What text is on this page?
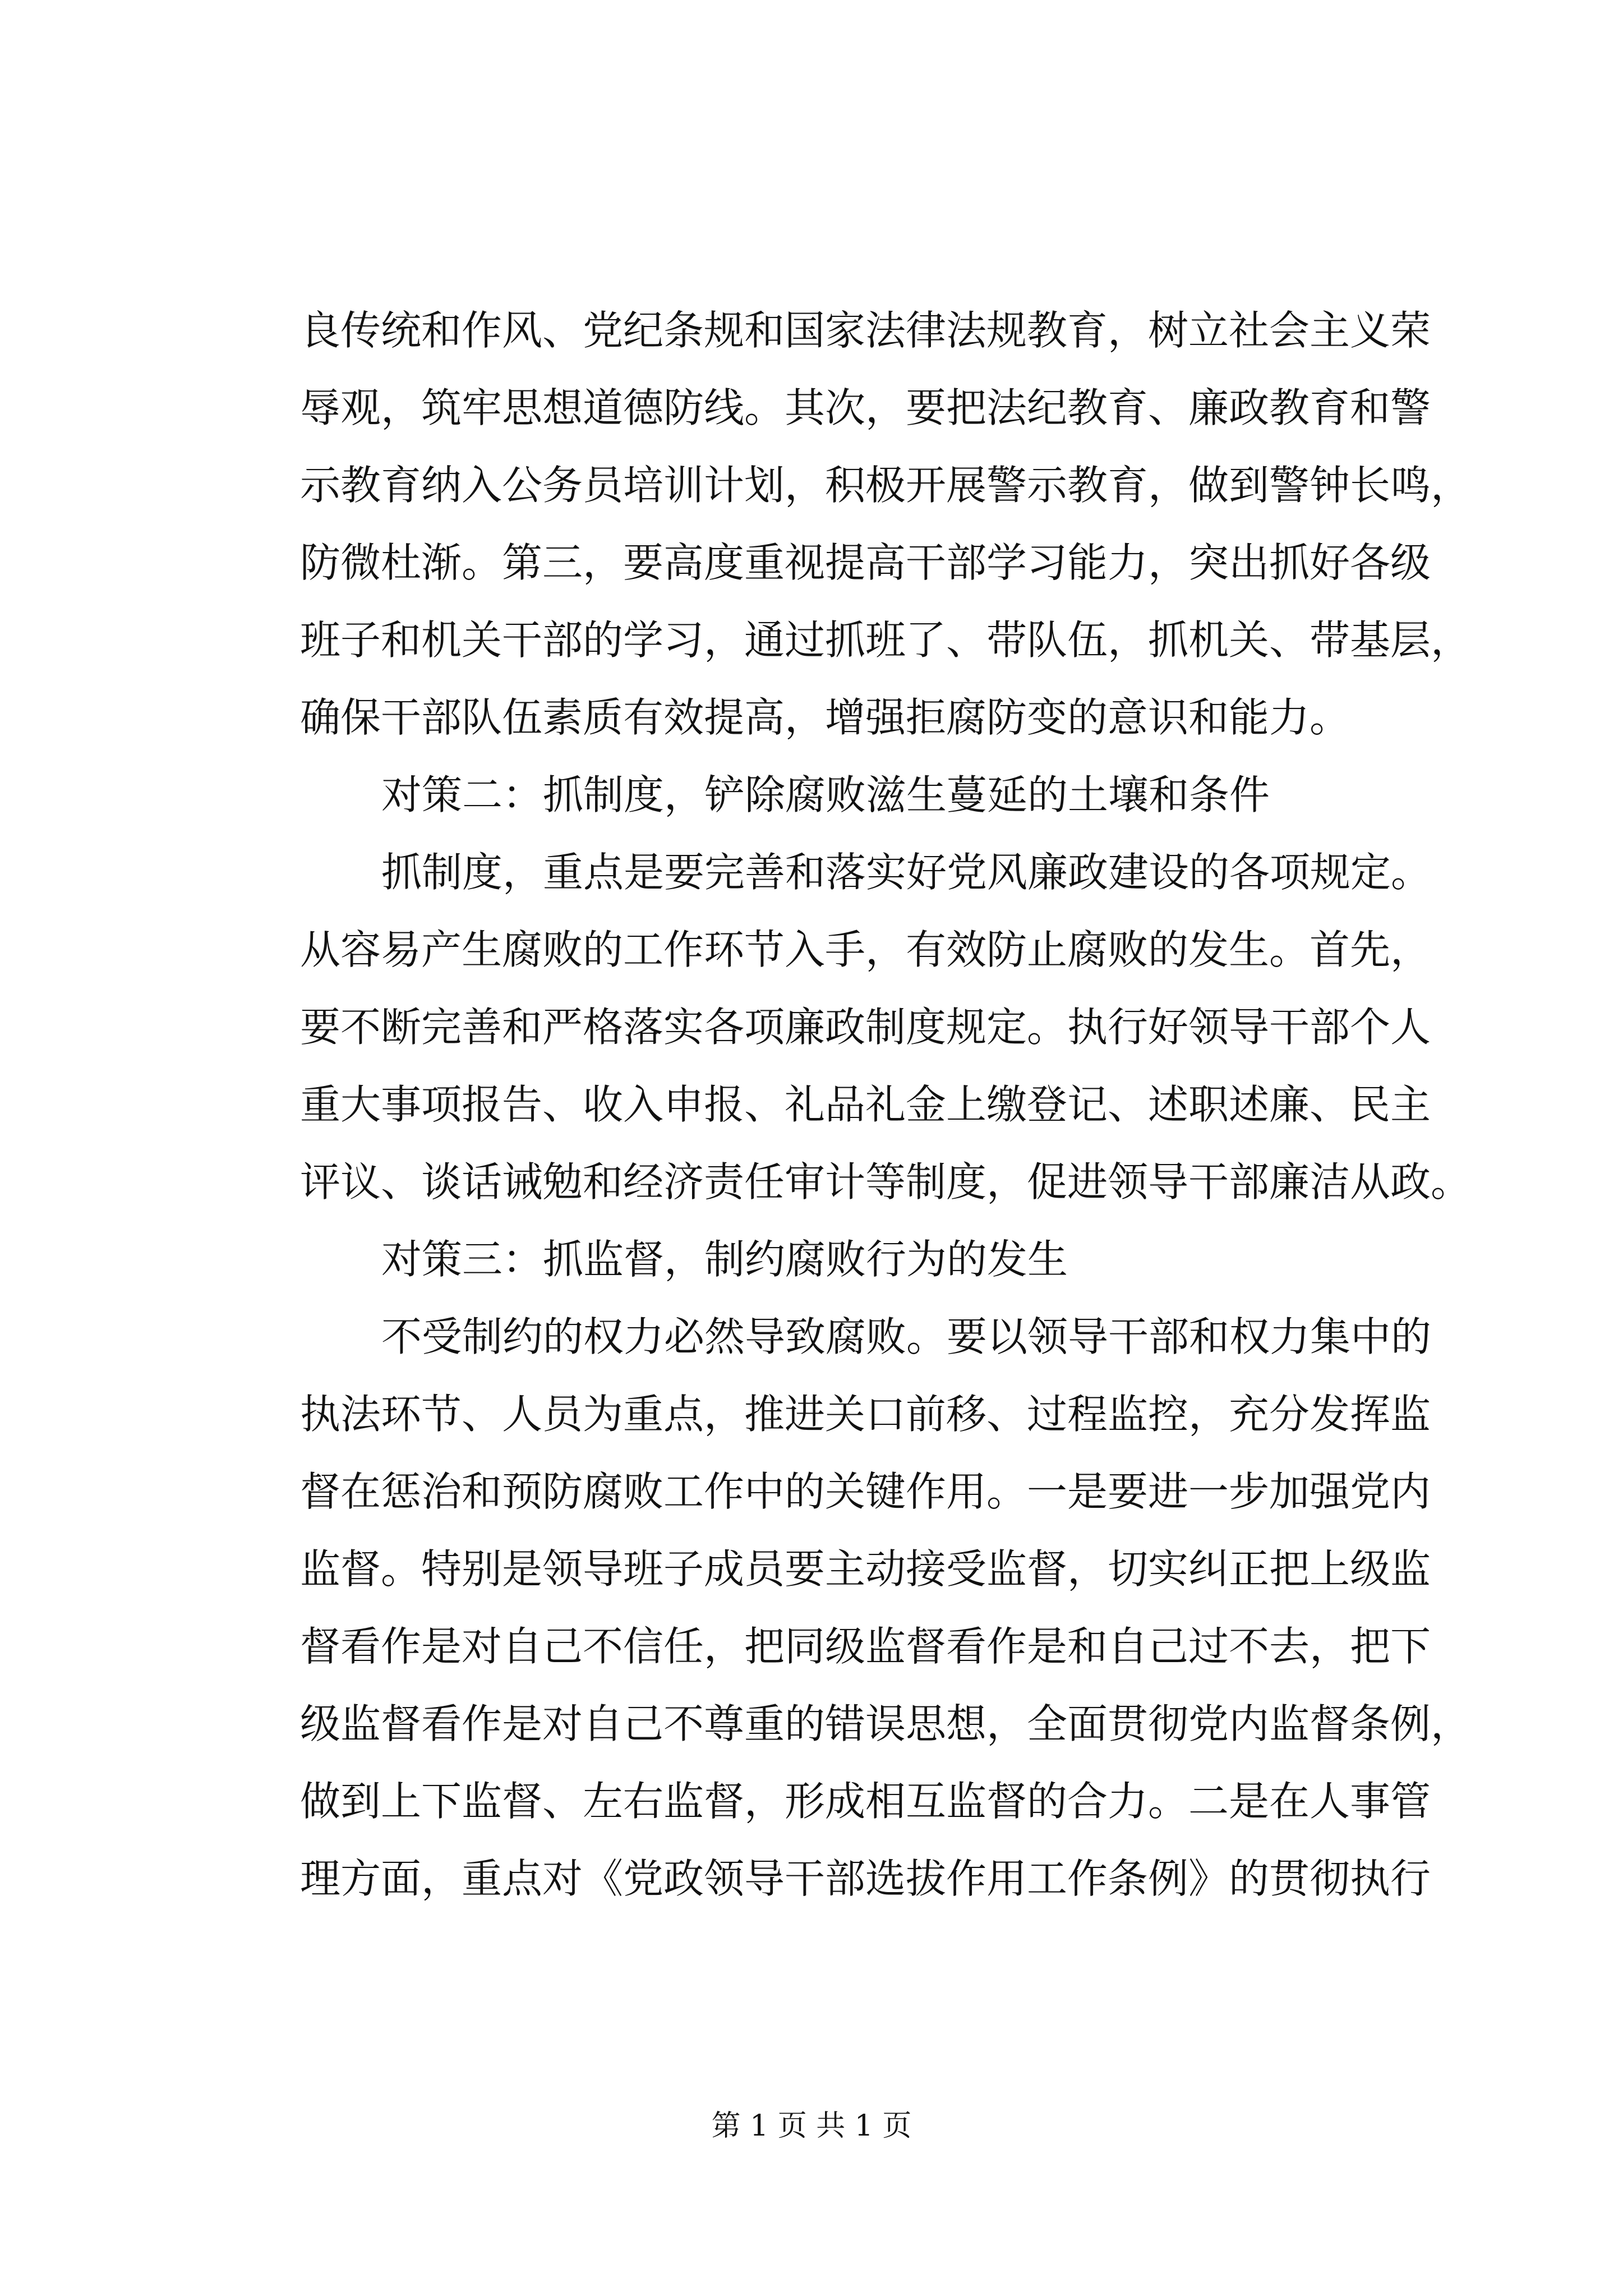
良传统和作风、党纪条规和国家法律法规教育，树立社会主义荣
辱观，筑牢思想道德防线。其次，要把法纪教育、廉政教育和警
示教育纳入公务员培训计划，积极开展警示教育，做到警钟长鸣，
防微杜渐。第三，要高度重视提高干部学习能力，突出抓好各级
班子和机关干部的学习，通过抓班了、带队伍，抓机关、带基层，
确保干部队伍素质有效提高，增强拒腐防变的意识和能力。
对策二：抓制度，铲除腐败滋生蔓延的土壤和条件
抓制度，重点是要完善和落实好党风廉政建设的各项规定。
从容易产生腐败的工作环节入手，有效防止腐败的发生。首先，
要不断完善和严格落实各项廉政制度规定。执行好领导干部个人
重大事项报告、收入申报、礼品礼金上缴登记、述职述廉、民主
评议、谈话诫勉和经济责任审计等制度，促进领导干部廉洁从政。
对策三：抓监督，制约腐败行为的发生
不受制约的权力必然导致腐败。要以领导干部和权力集中的
执法环节、人员为重点，推进关口前移、过程监控，充分发挥监
督在惩治和预防腐败工作中的关键作用。一是要进一步加强党内
监督。特别是领导班子成员要主动接受监督，切实纠正把上级监
督看作是对自己不信任，把同级监督看作是和自己过不去，把下
级监督看作是对自己不尊重的错误思想，全面贯彻党内监督条例，
做到上下监督、左右监督，形成相互监督的合力。二是在人事管
理方面，重点对《党政领导干部选拔作用工作条例》的贯彻执行
第 1 页 共 1 页
